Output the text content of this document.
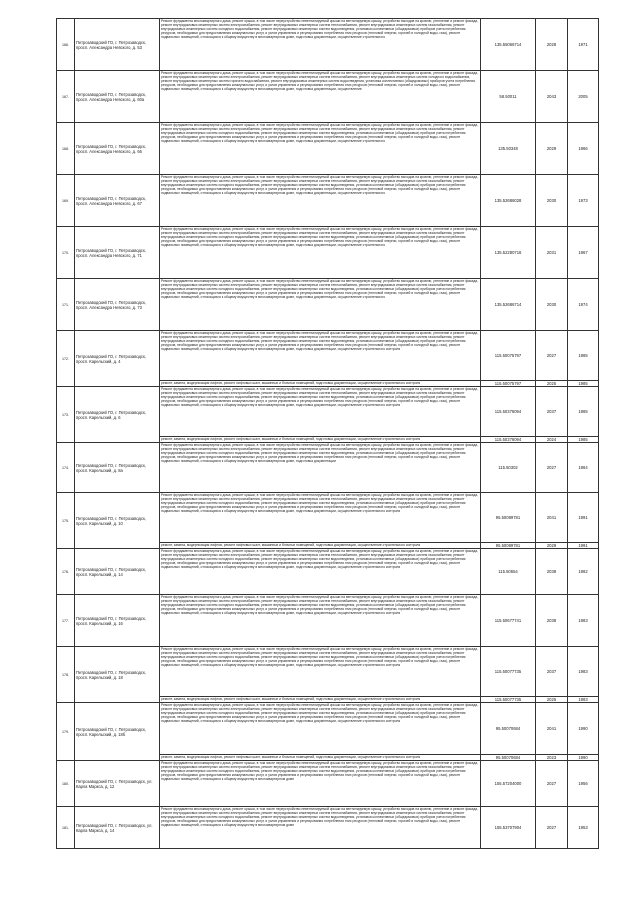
166.	Петрозаводский ГО, г. Петрозаводск, просп. Александра Невского, д. 53	Ремонт фундамента многоквартирного дома, ремонт крыши, в том числе переустройство невентилируемой крыши на вентилируемую крышу, устройство выходов на кровлю, утепление и ремонт фасада, ремонт внутридомовых инженерных систем электроснабжения, ремонт внутридомовых инженерных систем теплоснабжения, ремонт внутридомовых инженерных систем газоснабжения, ремонт внутридомовых инженерных систем холодного водоснабжения, ремонт внутридомовых инженерных систем водоотведения, установка коллективных (общедомовых) приборов учета потребления ресурсов, необходимых для предоставления коммунальных услуг, и узлов управления и регулирования потребления этих ресурсов (тепловой энергии, горячей и холодной воды, газа), ремонт подвальных помещений, относящихся к общему имуществу в многоквартирном доме, подготовка документации, осуществление строительного	135.55066714	2028	1971
167.	Петрозаводский ГО, г. Петрозаводск, просп. Александра Невского, д. 60а	Ремонт фундамента многоквартирного дома, ремонт крыши, в том числе переустройство невентилируемой крыши на вентилируемую крышу, устройство выходов на кровлю, утепление и ремонт фасада, ремонт внутридомовых инженерных систем электроснабжения, ремонт внутридомовых инженерных систем теплоснабжения, ремонт внутридомовых инженерных систем холодного водоснабжения, ремонт внутридомовых инженерных систем горячего водоснабжения, ремонт внутридомовых инженерных систем водоотведения, установка коллективных (общедомовых) приборов учета потребления ресурсов, необходимых для предоставления коммунальных услуг, и узлов управления и регулирования потребления этих ресурсов (тепловой энергии, горячей и холодной воды, газа), ремонт подвальных помещений, относящихся к общему имуществу в многоквартирном доме, подготовка документации, осуществление	58.50011	2043	2005
168.	Петрозаводский ГО, г. Петрозаводск, просп. Александра Невского, д. 66	Ремонт фундамента многоквартирного дома, ремонт крыши, в том числе переустройство невентилируемой крыши на вентилируемую крышу, устройство выходов на кровлю, утепление и ремонт фасада, ремонт внутридомовых инженерных систем электроснабжения, ремонт внутридомовых инженерных систем теплоснабжения, ремонт внутридомовых инженерных систем газоснабжения, ремонт внутридомовых инженерных систем холодного водоснабжения, ремонт внутридомовых инженерных систем водоотведения, установка коллективных (общедомовых) приборов учета потребления ресурсов, необходимых для предоставления коммунальных услуг, и узлов управления и регулирования потребления этих ресурсов (тепловой энергии, горячей и холодной воды, газа), ремонт подвальных помещений, относящихся к общему имуществу в многоквартирном доме, подготовка документации, осуществление строительного	135.50348	2029	1966
169.	Петрозаводский ГО, г. Петрозаводск, просп. Александра Невского, д. 67	Ремонт фундамента многоквартирного дома, ремонт крыши, в том числе переустройство невентилируемой крыши на вентилируемую крышу, устройство выходов на кровлю, утепление и ремонт фасада, ремонт внутридомовых инженерных систем электроснабжения, ремонт внутридомовых инженерных систем теплоснабжения, ремонт внутридомовых инженерных систем газоснабжения, ремонт внутридомовых инженерных систем холодного водоснабжения, ремонт внутридомовых инженерных систем водоотведения, установка коллективных (общедомовых) приборов учета потребления ресурсов, необходимых для предоставления коммунальных услуг, и узлов управления и регулирования потребления этих ресурсов (тепловой энергии, горячей и холодной воды, газа), ремонт подвальных помещений, относящихся к общему имуществу в многоквартирном доме, подготовка документации, осуществление строительного	135.52686028	2030	1973
170.	Петрозаводский ГО, г. Петрозаводск, просп. Александра Невского, д. 71	Ремонт фундамента многоквартирного дома, ремонт крыши, в том числе переустройство невентилируемой крыши на вентилируемую крышу, устройство выходов на кровлю, утепление и ремонт фасада, ремонт внутридомовых инженерных систем электроснабжения, ремонт внутридомовых инженерных систем теплоснабжения, ремонт внутридомовых инженерных систем газоснабжения, ремонт внутридомовых инженерных систем холодного водоснабжения, ремонт внутридомовых инженерных систем водоотведения, установка коллективных (общедомовых) приборов учета потребления ресурсов, необходимых для предоставления коммунальных услуг, и узлов управления и регулирования потребления этих ресурсов (тепловой энергии, горячей и холодной воды, газа), ремонт подвальных помещений, относящихся к общему имуществу в многоквартирном доме, подготовка документации, осуществление строительного	135.52280716	2031	1967
171.	Петрозаводский ГО, г. Петрозаводск, просп. Александра Невского, д. 73	Ремонт фундамента многоквартирного дома, ремонт крыши, в том числе переустройство невентилируемой крыши на вентилируемую крышу, устройство выходов на кровлю, утепление и ремонт фасада, ремонт внутридомовых инженерных систем электроснабжения, ремонт внутридомовых инженерных систем теплоснабжения, ремонт внутридомовых инженерных систем газоснабжения, ремонт внутридомовых инженерных систем холодного водоснабжения, ремонт внутридомовых инженерных систем водоотведения, установка коллективных (общедомовых) приборов учета потребления ресурсов, необходимых для предоставления коммунальных услуг, и узлов управления и регулирования потребления этих ресурсов (тепловой энергии, горячей и холодной воды, газа), ремонт подвальных помещений, относящихся к общему имуществу в многоквартирном доме, подготовка документации, осуществление строительного	135.52686714	2030	1974
172.	Петрозаводский ГО, г. Петрозаводск, просп. Карельский, д. 4	Ремонт фундамента многоквартирного дома, ремонт крыши, в том числе переустройство невентилируемой крыши на вентилируемую крышу, устройство выходов на кровлю, утепление и ремонт фасада, ремонт внутридомовых инженерных систем электроснабжения, ремонт внутридомовых инженерных систем теплоснабжения, ремонт внутридомовых инженерных систем газоснабжения, ремонт внутридомовых инженерных систем холодного водоснабжения, ремонт внутридомовых инженерных систем водоотведения, установка коллективных (общедомовых) приборов учета потребления ресурсов, необходимых для предоставления коммунальных услуг, и узлов управления и регулирования потребления этих ресурсов (тепловой энергии, горячей и холодной воды, газа), ремонт подвальных помещений, относящихся к общему имуществу в многоквартирном доме, подготовка документации, осуществление строительного контроля	115.50075797	2027	1985

		ремонт, замена, модернизация лифтов, ремонт лифтовых шахт, машинных и блочных помещений, подготовка документации, осуществление строительного контроля	115.50075797	2025	1985
173.	Петрозаводский ГО, г. Петрозаводск, просп. Карельский, д. 6	Ремонт фундамента многоквартирного дома, ремонт крыши, в том числе переустройство невентилируемой крыши на вентилируемую крышу, устройство выходов на кровлю, утепление и ремонт фасада, ремонт внутридомовых инженерных систем электроснабжения, ремонт внутридомовых инженерных систем теплоснабжения, ремонт внутридомовых инженерных систем газоснабжения, ремонт внутридомовых инженерных систем холодного водоснабжения, ремонт внутридомовых инженерных систем водоотведения, установка коллективных (общедомовых) приборов учета потребления ресурсов, необходимых для предоставления коммунальных услуг, и узлов управления и регулирования потребления этих ресурсов (тепловой энергии, горячей и холодной воды, газа), ремонт подвальных помещений, относящихся к общему имуществу в многоквартирном доме, подготовка документации, осуществление строительного контроля	115.50376094	2037	1985

		ремонт, замена, модернизация лифтов, ремонт лифтовых шахт, машинных и блочных помещений, подготовка документации, осуществление строительного контроля	115.50376094	2024	1985
174.	Петрозаводский ГО, г. Петрозаводск, просп. Карельский, д. 8а	Ремонт фундамента многоквартирного дома, ремонт крыши, в том числе переустройство невентилируемой крыши на вентилируемую крышу, устройство выходов на кровлю, утепление и ремонт фасада, ремонт внутридомовых инженерных систем электроснабжения, ремонт внутридомовых инженерных систем теплоснабжения, ремонт внутридомовых инженерных систем газоснабжения, ремонт внутридомовых инженерных систем холодного водоснабжения, ремонт внутридомовых инженерных систем водоотведения, установка коллективных (общедомовых) приборов учета потребления ресурсов, необходимых для предоставления коммунальных услуг, и узлов управления и регулирования потребления этих ресурсов (тепловой энергии, горячей и холодной воды, газа), ремонт подвальных помещений, относящихся к общему имуществу в многоквартирном доме, подготовка документации	115.50302	2027	1984
175.	Петрозаводский ГО, г. Петрозаводск, просп. Карельский, д. 10	Ремонт фундамента многоквартирного дома, ремонт крыши, в том числе переустройство невентилируемой крыши на вентилируемую крышу, устройство выходов на кровлю, утепление и ремонт фасада, ремонт внутридомовых инженерных систем электроснабжения, ремонт внутридомовых инженерных систем теплоснабжения, ремонт внутридомовых инженерных систем газоснабжения, ремонт внутридомовых инженерных систем холодного водоснабжения, ремонт внутридомовых инженерных систем водоотведения, установка коллективных (общедомовых) приборов учета потребления ресурсов, необходимых для предоставления коммунальных услуг, и узлов управления и регулирования потребления этих ресурсов (тепловой энергии, горячей и холодной воды, газа), ремонт подвальных помещений, относящихся к общему имуществу в многоквартирном доме, подготовка документации, осуществление строительного контроля	95.50089781	2041	1991

		ремонт, замена, модернизация лифтов, ремонт лифтовых шахт, машинных и блочных помещений, подготовка документации, осуществление строительного контроля	95.50089781	2029	1991
176.	Петрозаводский ГО, г. Петрозаводск, просп. Карельский, д. 14	Ремонт фундамента многоквартирного дома, ремонт крыши, в том числе переустройство невентилируемой крыши на вентилируемую крышу, устройство выходов на кровлю, утепление и ремонт фасада, ремонт внутридомовых инженерных систем электроснабжения, ремонт внутридомовых инженерных систем теплоснабжения, ремонт внутридомовых инженерных систем газоснабжения, ремонт внутридомовых инженерных систем холодного водоснабжения, ремонт внутридомовых инженерных систем водоотведения, установка коллективных (общедомовых) приборов учета потребления ресурсов, необходимых для предоставления коммунальных услуг, и узлов управления и регулирования потребления этих ресурсов (тепловой энергии, горячей и холодной воды, газа), ремонт подвальных помещений, относящихся к общему имуществу в многоквартирном доме, подготовка документации, осуществление строительного контроля	115.50654	2038	1982
177.	Петрозаводский ГО, г. Петрозаводск, просп. Карельский, д. 16	Ремонт фундамента многоквартирного дома, ремонт крыши, в том числе переустройство невентилируемой крыши на вентилируемую крышу, устройство выходов на кровлю, утепление и ремонт фасада, ремонт внутридомовых инженерных систем электроснабжения, ремонт внутридомовых инженерных систем теплоснабжения, ремонт внутридомовых инженерных систем газоснабжения, ремонт внутридомовых инженерных систем холодного водоснабжения, ремонт внутридомовых инженерных систем водоотведения, установка коллективных (общедомовых) приборов учета потребления ресурсов, необходимых для предоставления коммунальных услуг, и узлов управления и регулирования потребления этих ресурсов (тепловой энергии, горячей и холодной воды, газа), ремонт подвальных помещений, относящихся к общему имуществу в многоквартирном доме, подготовка документации, осуществление строительного контроля	115.50677741	2038	1983
178.	Петрозаводский ГО, г. Петрозаводск, просп. Карельский, д. 18	Ремонт фундамента многоквартирного дома, ремонт крыши, в том числе переустройство невентилируемой крыши на вентилируемую крышу, устройство выходов на кровлю, утепление и ремонт фасада, ремонт внутридомовых инженерных систем электроснабжения, ремонт внутридомовых инженерных систем теплоснабжения, ремонт внутридомовых инженерных систем газоснабжения, ремонт внутридомовых инженерных систем холодного водоснабжения, ремонт внутридомовых инженерных систем водоотведения, установка коллективных (общедомовых) приборов учета потребления ресурсов, необходимых для предоставления коммунальных услуг, и узлов управления и регулирования потребления этих ресурсов (тепловой энергии, горячей и холодной воды, газа), ремонт подвальных помещений, относящихся к общему имуществу в многоквартирном доме, подготовка документации, осуществление строительного контроля	115.50077735	2037	1983

		ремонт, замена, модернизация лифтов, ремонт лифтовых шахт, машинных и блочных помещений, подготовка документации, осуществление строительного контроля	115.50077735	2025	1983
179.	Петрозаводский ГО, г. Петрозаводск, просп. Карельский, д. 18б	Ремонт фундамента многоквартирного дома, ремонт крыши, в том числе переустройство невентилируемой крыши на вентилируемую крышу, устройство выходов на кровлю, утепление и ремонт фасада, ремонт внутридомовых инженерных систем электроснабжения, ремонт внутридомовых инженерных систем теплоснабжения, ремонт внутридомовых инженерных систем газоснабжения, ремонт внутридомовых инженерных систем холодного водоснабжения, ремонт внутридомовых инженерных систем водоотведения, установка коллективных (общедомовых) приборов учета потребления ресурсов, необходимых для предоставления коммунальных услуг, и узлов управления и регулирования потребления этих ресурсов (тепловой энергии, горячей и холодной воды, газа), ремонт подвальных помещений, относящихся к общему имуществу в многоквартирном доме, подготовка документации, осуществление строительного контроля	95.50070684	2041	1990

		ремонт, замена, модернизация лифтов, ремонт лифтовых шахт, машинных и блочных помещений, подготовка документации, осуществление строительного контроля	95.50070684	2023	1990
180.	Петрозаводский ГО, г. Петрозаводск, ул. Карла Маркса, д. 12	Ремонт фундамента многоквартирного дома, ремонт крыши, в том числе переустройство невентилируемой крыши на вентилируемую крышу, устройство выходов на кровлю, утепление и ремонт фасада, ремонт внутридомовых инженерных систем электроснабжения, ремонт внутридомовых инженерных систем теплоснабжения, ремонт внутридомовых инженерных систем газоснабжения, ремонт внутридомовых инженерных систем холодного водоснабжения, ремонт внутридомовых инженерных систем водоотведения, установка коллективных (общедомовых) приборов учета потребления ресурсов, необходимых для предоставления коммунальных услуг, и узлов управления и регулирования потребления этих ресурсов (тепловой энергии, горячей и холодной воды, газа), ремонт подвальных помещений, относящихся к общему имуществу в многоквартирном доме	155.57204000	2027	1956
181.	Петрозаводский ГО, г. Петрозаводск, ул. Карла Маркса, д. 14	Ремонт фундамента многоквартирного дома, ремонт крыши, в том числе переустройство невентилируемой крыши на вентилируемую крышу, устройство выходов на кровлю, утепление и ремонт фасада, ремонт внутридомовых инженерных систем электроснабжения, ремонт внутридомовых инженерных систем теплоснабжения, ремонт внутридомовых инженерных систем газоснабжения, ремонт внутридомовых инженерных систем холодного водоснабжения, ремонт внутридомовых инженерных систем водоотведения, установка коллективных (общедомовых) приборов учета потребления ресурсов, необходимых для предоставления коммунальных услуг, и узлов управления и регулирования потребления этих ресурсов (тепловой энергии, горячей и холодной воды, газа), ремонт подвальных помещений, относящихся к общему имуществу в многоквартирном доме	155.53707904	2027	1953
